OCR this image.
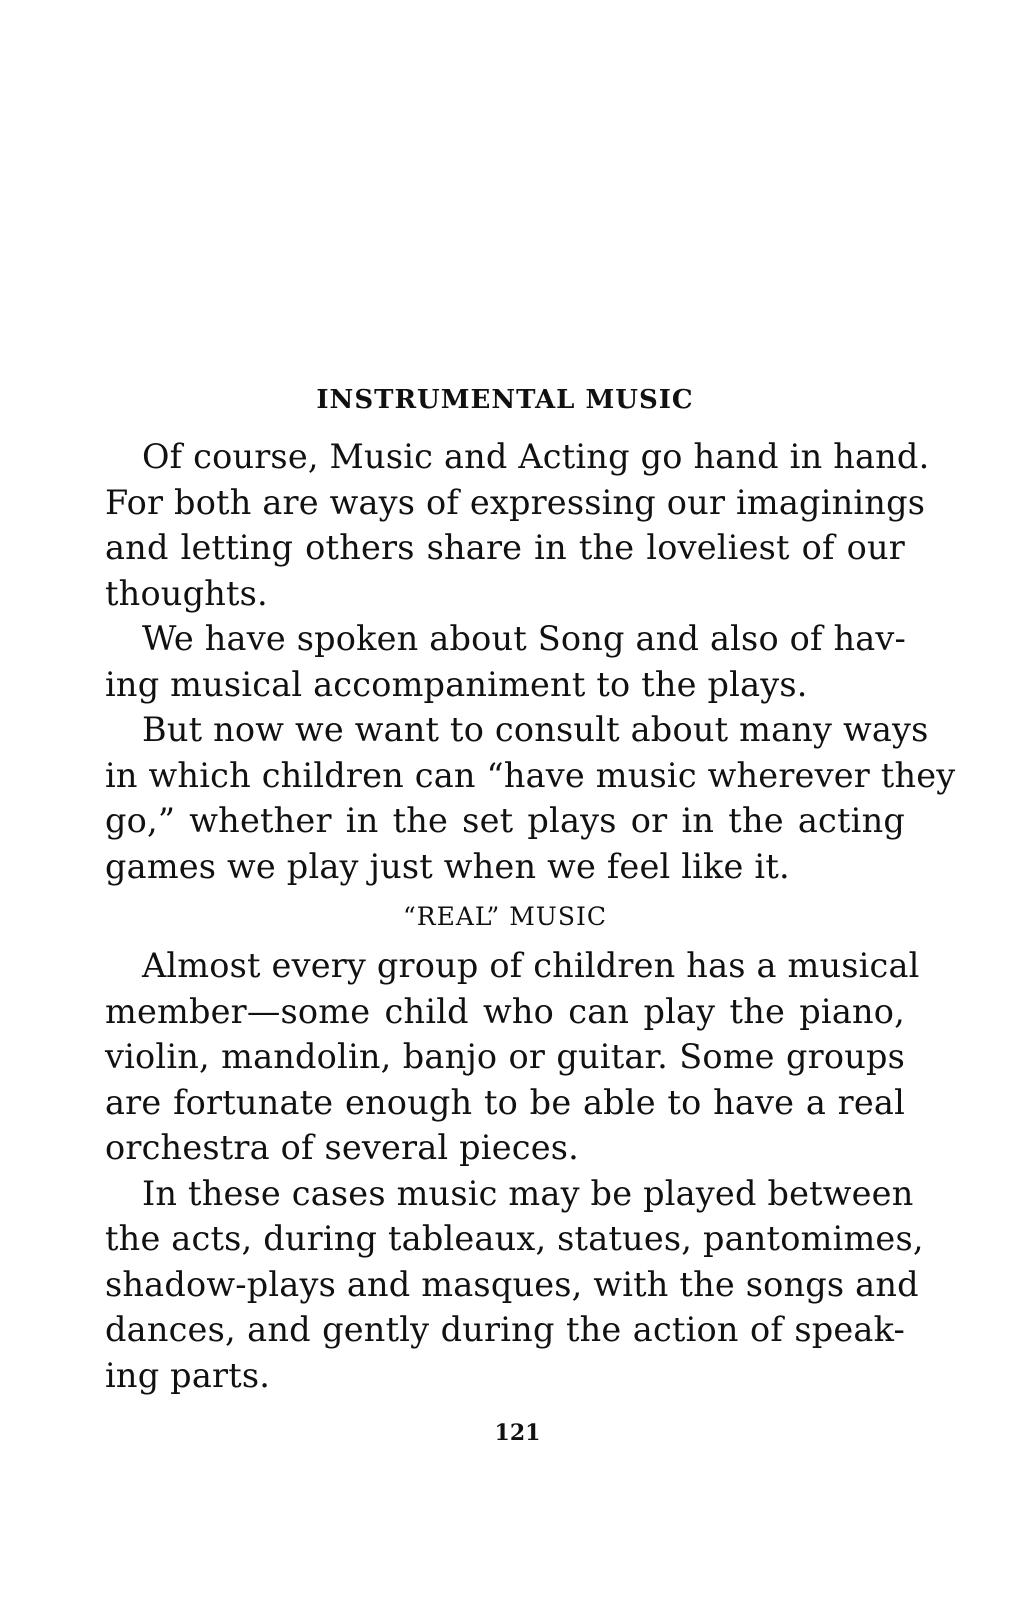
INSTRUMENTAL MUSIC
Of course, Music and Acting go hand in hand.
For both are ways of expressing our imaginings
and letting others share in the loveliest of our
thoughts.
We have spoken about Song and also of hav-
ing musical accompaniment to the plays.
But now we want to consult about many ways
in which children can “have music wherever they
go,” whether in the set plays or in the acting
games we play just when we feel like it.
“REAL” MUSIC
Almost every group of children has a musical
member—some child who can play the piano,
violin, mandolin, banjo or guitar. Some groups
are fortunate enough to be able to have a real
orchestra of several pieces.
In these cases music may be played between
the acts, during tableaux, statues, pantomimes,
shadow-plays and masques, with the songs and
dances, and gently during the action of speak-
ing parts.
121
